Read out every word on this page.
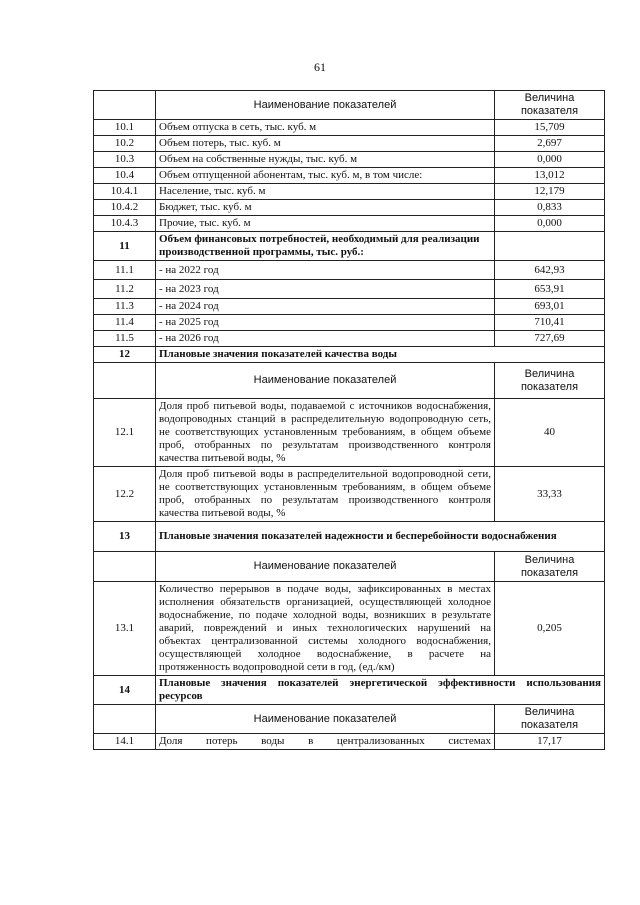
61
	Наименование показателей	Величина показателя
10.1	Объем отпуска в сеть, тыс. куб. м	15,709
10.2	Объем потерь, тыс. куб. м	2,697
10.3	Объем на собственные нужды, тыс. куб. м	0,000
10.4	Объем отпущенной абонентам, тыс. куб. м, в том числе:	13,012
10.4.1	Население, тыс. куб. м	12,179
10.4.2	Бюджет, тыс. куб. м	0,833
10.4.3	Прочие, тыс. куб. м	0,000
11	Объем финансовых потребностей, необходимый для реализации производственной программы, тыс. руб.:	
11.1	- на 2022 год	642,93
11.2	- на 2023 год	653,91
11.3	- на 2024 год	693,01
11.4	- на 2025 год	710,41
11.5	- на 2026 год	727,69
12	Плановые значения показателей качества воды	
	Наименование показателей	Величина показателя
12.1	Доля проб питьевой воды, подаваемой с источников водоснабжения, водопроводных станций в распределительную водопроводную сеть, не соответствующих установленным требованиям, в общем объеме проб, отобранных по результатам производственного контроля качества питьевой воды, %	40
12.2	Доля проб питьевой воды в распределительной водопроводной сети, не соответствующих установленным требованиям, в общем объеме проб, отобранных по результатам производственного контроля качества питьевой воды, %	33,33
13	Плановые значения показателей надежности и бесперебойности водоснабжения	
	Наименование показателей	Величина показателя
13.1	Количество перерывов в подаче воды, зафиксированных в местах исполнения обязательств организацией, осуществляющей холодное водоснабжение, по подаче холодной воды, возникших в результате аварий, повреждений и иных технологических нарушений на объектах централизованной системы холодного водоснабжения, осуществляющей холодное водоснабжение, в расчете на протяженность водопроводной сети в год, (ед./км)	0,205
14	Плановые значения показателей энергетической эффективности использования ресурсов	
	Наименование показателей	Величина показателя
14.1	Доля потерь воды в централизованных системах	17,17
